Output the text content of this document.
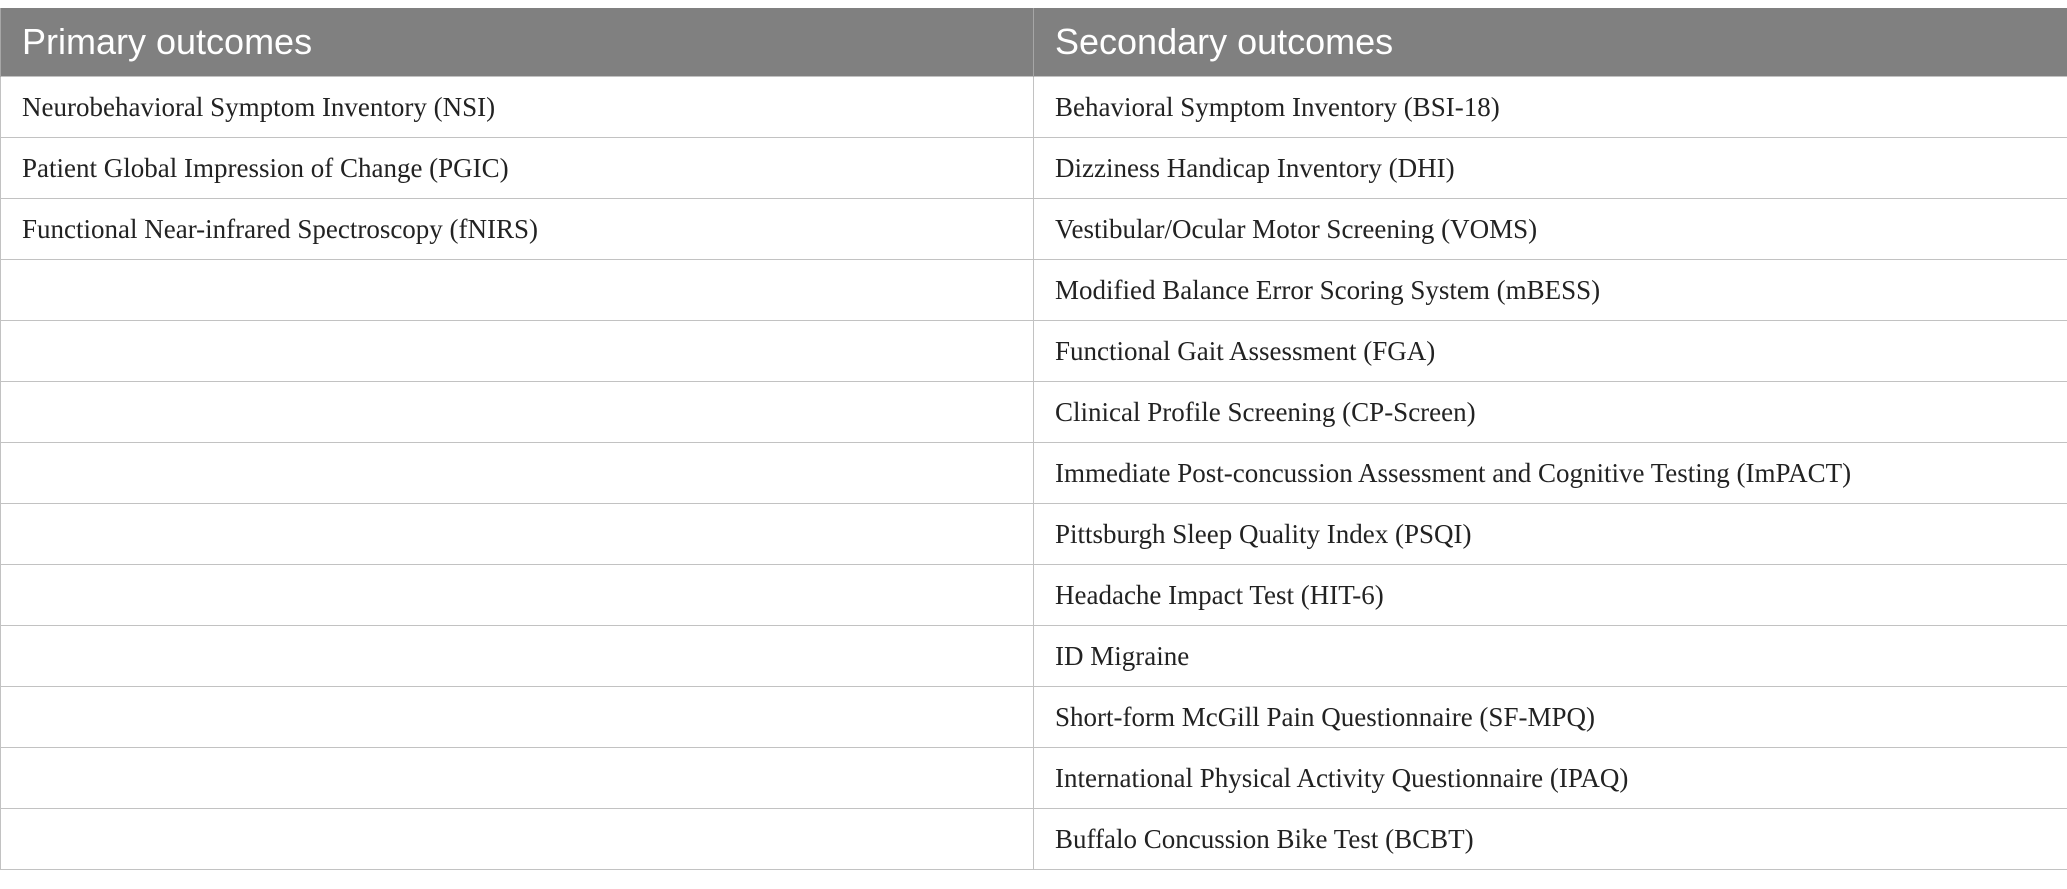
Primary outcomes	Secondary outcomes
Neurobehavioral Symptom Inventory (NSI)	Behavioral Symptom Inventory (BSI-18)
Patient Global Impression of Change (PGIC)	Dizziness Handicap Inventory (DHI)
Functional Near-infrared Spectroscopy (fNIRS)	Vestibular/Ocular Motor Screening (VOMS)
	Modified Balance Error Scoring System (mBESS)
	Functional Gait Assessment (FGA)
	Clinical Profile Screening (CP-Screen)
	Immediate Post-concussion Assessment and Cognitive Testing (ImPACT)
	Pittsburgh Sleep Quality Index (PSQI)
	Headache Impact Test (HIT-6)
	ID Migraine
	Short-form McGill Pain Questionnaire (SF-MPQ)
	International Physical Activity Questionnaire (IPAQ)
	Buffalo Concussion Bike Test (BCBT)
